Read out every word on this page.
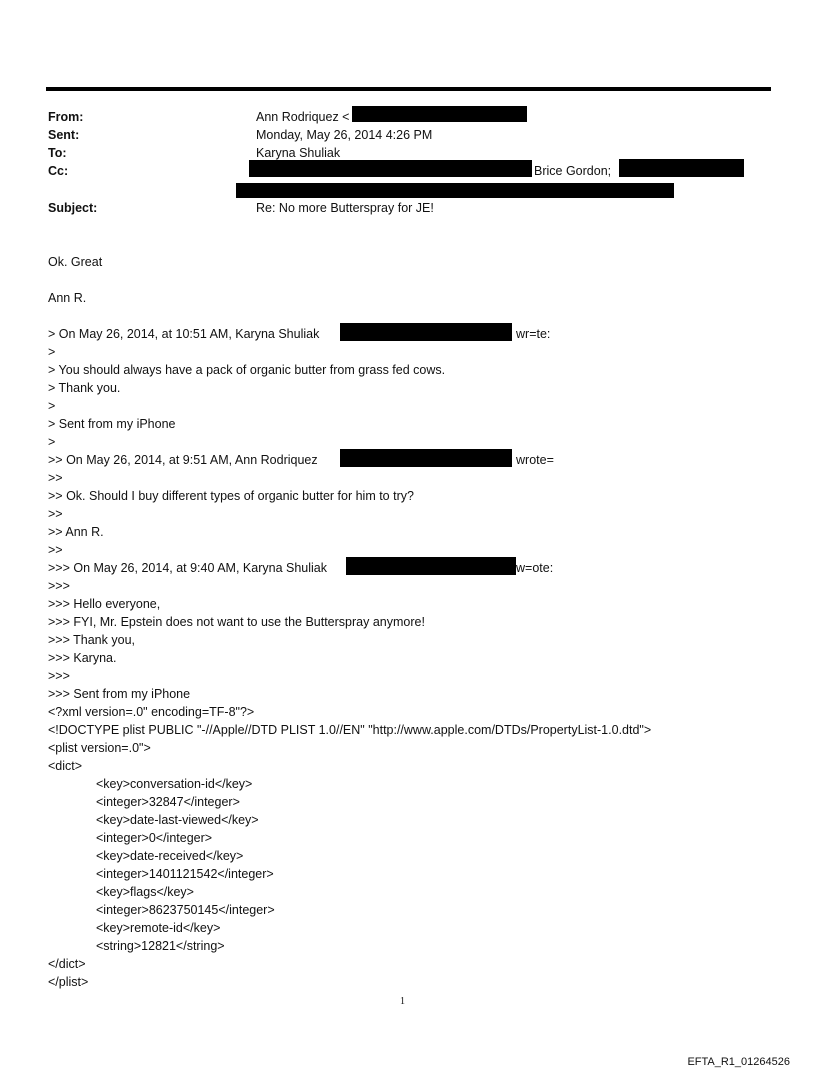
From:	Ann Rodriquez <
Sent:	Monday, May 26, 2014 4:26 PM
To:	Karyna Shuliak
Cc:	Brice Gordon;
Subject:	Re: No more Butterspray for JE!
Ok. Great
Ann R.
> On May 26, 2014, at 10:51 AM, Karyna Shuliak	wr=te:
>
> You should always have a pack of organic butter from grass fed cows.
> Thank you.
>
> Sent from my iPhone
>
>> On May 26, 2014, at 9:51 AM, Ann Rodriquez	wrote=
>>
>> Ok. Should I buy different types of organic butter for him to try?
>>
>> Ann R.
>>
>>> On May 26, 2014, at 9:40 AM, Karyna Shuliak	w=ote:
>>>
>>> Hello everyone,
>>> FYI, Mr. Epstein does not want to use the Butterspray anymore!
>>> Thank you,
>>> Karyna.
>>>
>>> Sent from my iPhone
<?xml version=.0" encoding=TF-8"?>
<!DOCTYPE plist PUBLIC "-//Apple//DTD PLIST 1.0//EN" "http://www.apple.com/DTDs/PropertyList-1.0.dtd">
<plist version=.0">
<dict>
<key>conversation-id</key>
<integer>32847</integer>
<key>date-last-viewed</key>
<integer>0</integer>
<key>date-received</key>
<integer>1401121542</integer>
<key>flags</key>
<integer>8623750145</integer>
<key>remote-id</key>
<string>12821</string>
</dict>
</plist>
1
EFTA_R1_01264526
